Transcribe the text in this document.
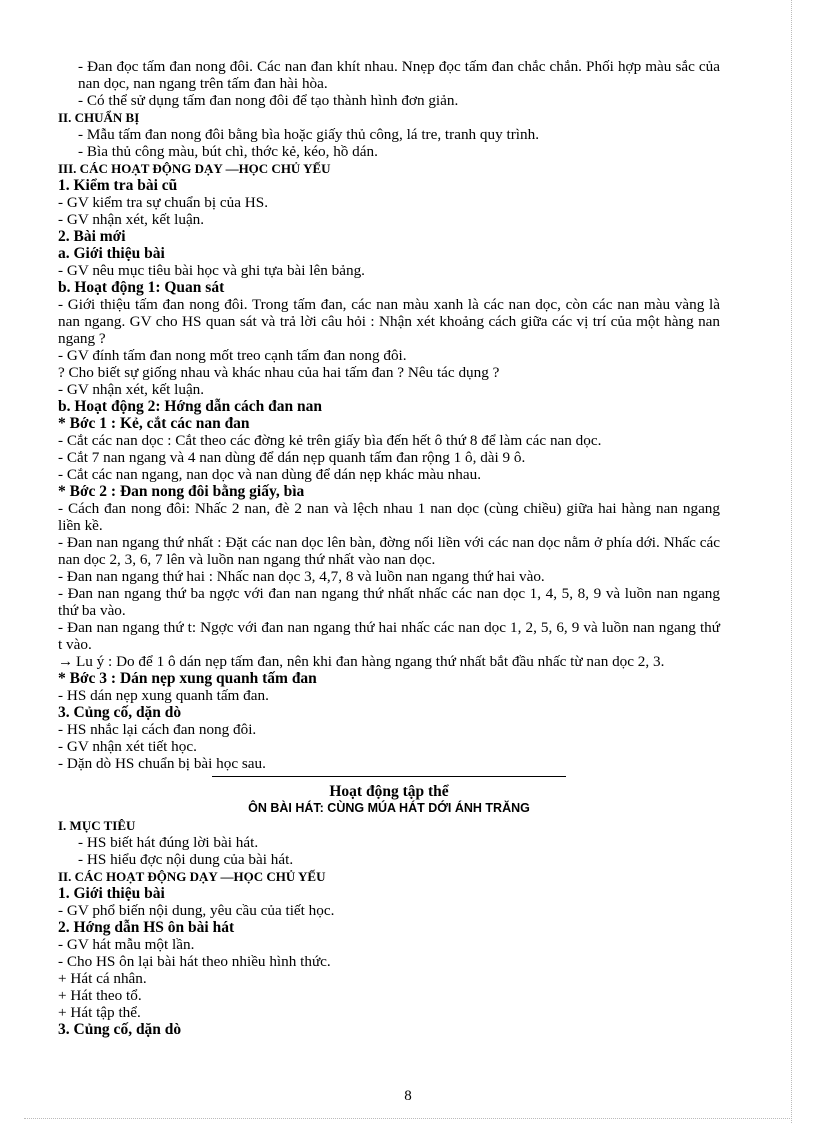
- Đan đọc tấm đan nong đôi. Các nan đan khít nhau. Nnẹp đọc tấm đan chắc chắn. Phối hợp màu sắc của nan dọc, nan ngang trên tấm đan hài hòa.

- Có thể sử dụng tấm đan nong đôi để tạo thành hình đơn giản.

II. CHUẨN BỊ

- Mẫu tấm đan nong đôi bằng bìa hoặc giấy thủ công, lá tre, tranh quy trình.

- Bìa thủ công màu, bút chì, thớc kẻ, kéo, hồ dán.

III. CÁC HOẠT ĐỘNG DẠY —HỌC CHỦ YẾU

1. Kiểm tra bài cũ

- GV kiểm tra sự chuẩn bị của HS.

- GV nhận xét, kết luận.

2. Bài mới

a. Giới thiệu bài

- GV nêu mục tiêu bài học và ghi tựa bài lên bảng.

b. Hoạt động 1: Quan sát

- Giới thiệu tấm đan nong đôi. Trong tấm đan, các nan màu xanh là các nan dọc, còn các nan màu vàng là nan ngang. GV cho HS quan sát và trả lời câu hỏi : Nhận xét khoảng cách giữa các vị trí của một hàng nan ngang ?

- GV đính tấm đan nong mốt treo cạnh tấm đan nong đôi.

? Cho biết sự giống nhau và khác nhau của hai tấm đan ? Nêu tác dụng ?

- GV nhận xét, kết luận.

b. Hoạt động 2: Hớng dẫn cách đan nan

* Bớc 1 : Kẻ, cắt các nan đan

- Cắt các nan dọc : Cắt theo các đờng kẻ trên giấy bìa đến hết ô thứ 8 để làm các nan dọc.

- Cắt 7 nan ngang và 4 nan dùng để dán nẹp quanh tấm đan rộng 1 ô, dài 9 ô.

- Cắt các nan ngang, nan dọc và nan dùng để dán nẹp khác màu nhau.

* Bớc 2 : Đan nong đôi bằng giấy, bìa

- Cách đan nong đôi: Nhấc 2 nan, đè 2 nan và lệch nhau 1 nan dọc (cùng chiều) giữa hai hàng nan ngang liền kề.

- Đan nan ngang thứ nhất : Đặt các nan dọc lên bàn, đờng nối liền với các nan dọc nằm ở phía dới. Nhấc các nan dọc 2, 3, 6, 7 lên và luồn nan ngang thứ nhất vào nan dọc.

- Đan nan ngang thứ hai : Nhấc nan dọc 3, 4,7, 8 và luồn nan ngang thứ hai vào.

- Đan nan ngang thứ ba ngợc với đan nan ngang thứ nhất nhấc các nan dọc 1, 4, 5, 8, 9 và luồn nan ngang thứ ba vào.

- Đan nan ngang thứ t: Ngợc với đan nan ngang thứ hai nhấc các nan dọc 1, 2, 5, 6, 9 và luồn nan ngang thứ t vào.

→ Lu ý : Do để 1 ô dán nẹp tấm đan, nên khi đan hàng ngang thứ nhất bắt đầu nhấc từ nan dọc 2, 3.

* Bớc 3 : Dán nẹp xung quanh tấm đan

- HS dán nẹp xung quanh tấm đan.

3. Củng cố, dặn dò

- HS nhắc lại cách đan nong đôi.

- GV nhận xét tiết học.

- Dặn dò HS chuẩn bị bài học sau.

Hoạt động tập thể

ÔN BÀI HÁT: CÙNG MÚA HÁT DỚI ÁNH TRĂNG

I. MỤC TIÊU

- HS biết hát đúng lời bài hát.

- HS hiểu đợc nội dung của bài hát.

II. CÁC HOẠT ĐỘNG DẠY —HỌC CHỦ YẾU

1. Giới thiệu bài

- GV phổ biến nội dung, yêu cầu của tiết học.

2. Hớng dẫn HS ôn bài hát

- GV hát mẫu một lần.

- Cho HS ôn lại bài hát theo nhiều hình thức.

+ Hát cá nhân.

+ Hát theo tổ.

+ Hát tập thể.

3. Củng cố, dặn dò

8
